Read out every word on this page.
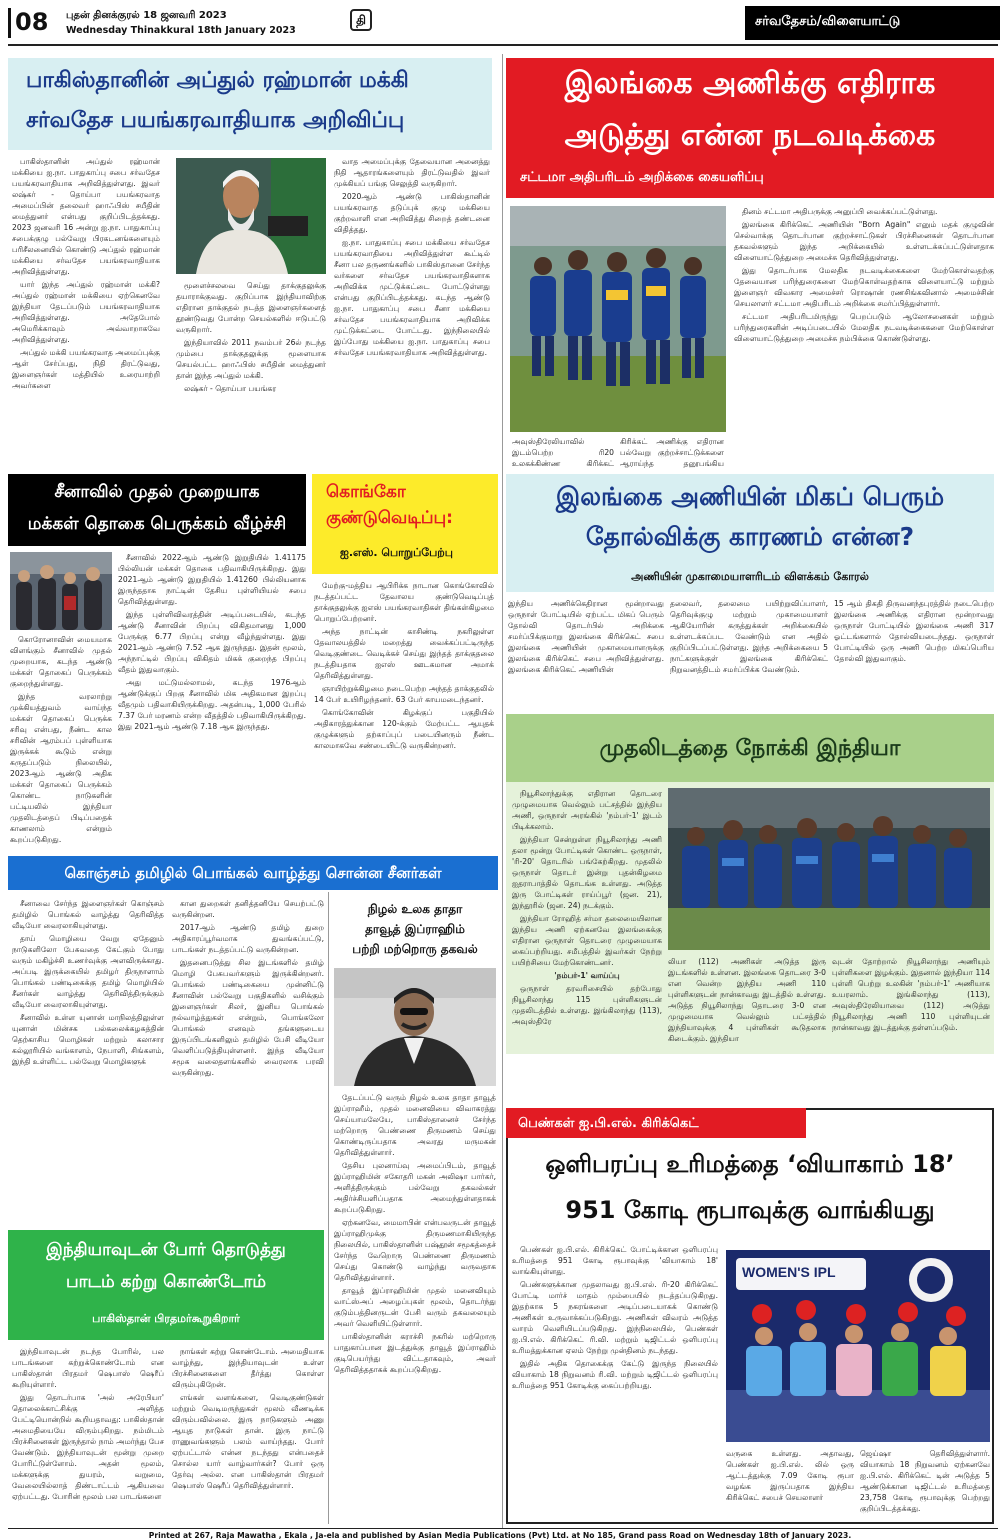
08 புதன் தினக்குரல் 18 ஜனவரி 2023
Wednesday Thinakkural 18th January 2023
தி	சர்வதேசம்/விளையாட்டு
பாகிஸ்தானின் அப்துல் ரஹ்மான் மக்கி
சர்வதேச பயங்கரவாதியாக அறிவிப்பு

பாகிஸ்தானின் அப்துல் ரஹ்மான் மக்கியை ஐ.நா. பாதுகாப்பு சபை சர்வதேச பயங்கரவாதியாக அறிவித்துள்ளது. இவர் லஷ்கர் - தொய்பா பயங்கரவாத அமைப்பின் தலைவர் ஹாஃபிஸ் சயீதின் மைத்துனர் என்பது குறிப்பிடத்தக்கது. 2023 ஜனவரி 16 அன்று ஐ.நா. பாதுகாப்பு சபைக்குழு பல்வேறு பிரகடனங்களையும் பரிசீலனையில் கொண்டு அப்துல் ரஹ்மான் மக்கியை சர்வதேச பயங்கரவாதியாக அறிவித்துள்ளது.

யார் இந்த அப்துல் ரஹ்மான் மக்கி? அப்துல் ரஹ்மான் மக்கியை ஏற்கெனவே இந்தியா தேடப்படும் பயங்கரவாதியாக அறிவித்துள்ளது. அதேபோல் அமெரிக்காவும் அவ்வாறாகவே அறிவித்துள்ளது.

அப்துல் மக்கி பயங்கரவாத அமைப்புக்கு ஆள் சேர்ப்பது, நிதி திரட்டுவது, இளைஞர்கள் மத்தியில் உரையாற்றி அவர்களை

மூளைச்சலவை செய்து தாக்குதலுக்கு தயாராக்குவது. குறிப்பாக இந்தியாவிற்கு எதிரான தாக்குதல் நடத்த இளைஞர்களைத் தூண்டுவது போன்ற செயல்களில் ஈடுபட்டு வருகிறார்.

இந்தியாவில் 2011 நவம்பர் 26ல் நடந்த மும்பை தாக்குதலுக்கு மூளையாக செயல்பட்ட ஹாஃபிஸ் சயீதின் மைத்துனர் தான் இந்த அப்துல் மக்கி.

லஷ்கர் - தொய்பா பயங்கர

வாத அமைப்புக்கு தேவையான அனைத்து நிதி ஆதாரங்களையும் திரட்டுவதில் இவர் முக்கியப் பங்கு செலுத்தி வருகிறார்.

2020ஆம் ஆண்டு பாகிஸ்தானின் பயங்கரவாத தடுப்புக் குழு மக்கியை குற்றவாளி என அறிவித்து சிறைத் தண்டனை விதித்தது.

ஐ.நா. பாதுகாப்பு சபை மக்கியை சர்வதேச பயங்கரவாதியை அறிவித்துள்ள கூட்டில் சீனா பல தருணங்களில் பாகிஸ்தானை சேர்ந்த வர்களை சர்வதேச பயங்கரவாதிகளாக அறிவிக்க முட்டுக்கட்டை போட்டுள்ளது என்பது குறிப்பிடத்தக்கது. கடந்த ஆண்டு ஐ.நா. பாதுகாப்பு சபை சீனா மக்கியை சர்வதேச பயங்கரவாதியாக அறிவிக்க முட்டுக்கட்டை போட்டது. இந்நிலையில் இப்போது மக்கியை ஐ.நா. பாதுகாப்பு சபை சர்வதேச பயங்கரவாதியாக அறிவித்துள்ளது.

இலங்கை அணிக்கு எதிராக
அடுத்து என்ன நடவடிக்கை
சட்டமா அதிபரிடம் அறிக்கை கையளிப்பு
அவுஸ்திரேலியாவில் இடம்பெற்ற ரி20 உலகக்கிண்ண கிரிக்கட்
கிரிக்கட் அணிக்கு எதிரான பல்வேறு குற்றச்சாட்டுக்களை ஆராய்ந்த தனூபங்கிய

தினம் சட்டமா அதிபருக்கு அனுப்பி வைக்கப்பட்டுள்ளது.

இலங்கை கிரிக்கெட் அணியின் "Born Again" எனும் மதக் குழுவின் செல்வாக்கு தொடர்பான குற்றச்சாட்டுகள் பிரச்சினைகள் தொடர்பான தகவல்களும் இந்த அறிக்கையில் உள்ளடக்கப்பட்டுள்ளதாக விளையாட்டுத்துறை அமைச்சு தெரிவித்துள்ளது.

இது தொடர்பாக மேலதிக நடவடிக்கைகளை மேற்கொள்வதற்கு தேவையான பரிந்துரைகளை மேற்கொள்வதற்காக விளையாட்டு மற்றும் இளைஞர் விவகார அமைச்சர் ரொஷான் ரணசிங்கவினால் அமைச்சின் செயலாளர் சட்டமா அதிபரிடம் அறிக்கை சமர்ப்பித்துள்ளார்.

சட்டமா அதிபரிடமிருந்து பெறப்படும் ஆலோசனைகள் மற்றும் பரிந்துரைகளின் அடிப்படையில் மேலதிக நடவடிக்கைகளை மேற்கொள்ள விளையாட்டுத்துறை அமைச்சு நம்பிக்கை கொண்டுள்ளது.

சீனாவில் முதல் முறையாக
மக்கள் தொகை பெருக்கம் வீழ்ச்சி

கொரோனாவின் மையமாக விளங்கும் சீனாவில் முதல் முறையாக, கடந்த ஆண்டு மக்கள் தொகைப் பெருக்கம் குறைந்துள்ளது.

இந்த வரலாற்று முக்கியத்துவம் வாய்ந்த மக்கள் தொகைப் பெருக்க சரிவு என்பது, நீண்ட கால சரிவின் ஆரம்பப் புள்ளியாக இருக்கக் கூடும் என்று கருதப்படும் நிலையில், 2023ஆம் ஆண்டு அதிக மக்கள் தொகைப் பெருக்கம் கொண்ட நாடுகளின் பட்டியலில் இந்தியா முதலிடத்தைப் பிடிப்பதைக் காணலாம் என்றும் கூறப்படுகிறது.

சீனாவில் 2022ஆம் ஆண்டு இறுதியில் 1.41175 பில்லியன் மக்கள் தொகை பதிவாகியிருக்கிறது. இது 2021ஆம் ஆண்டு இறுதியில் 1.41260 பில்லியனாக இருந்ததாக நாட்டின் தேசிய புள்ளியியல் சபை தெரிவித்துள்ளது.

இந்த புள்ளிவிவரத்தின் அடிப்படையில், கடந்த ஆண்டு சீனாவின் பிறப்பு விகிதமானது 1,000 பேருக்கு 6.77 பிறப்பு என்று வீழ்ந்துள்ளது. இது 2021ஆம் ஆண்டு 7.52 ஆக இருந்தது. இதன் மூலம், அந்நாட்டில் பிறப்பு விகிதம் மிகக் குறைந்த பிறப்பு வீதம் இதுவாகும்.

அது மட்டுமல்லாமல், கடந்த 1976ஆம் ஆண்டுக்குப் பிறகு சீனாவில் மிக அதிகமான இறப்பு வீதமும் பதிவாகியிருக்கிறது. அதன்படி, 1,000 பேரில் 7.37 பேர் மரணம் என்ற வீதத்தில் பதிவாகியிருக்கிறது. இது 2021ஆம் ஆண்டு 7.18 ஆக இருந்தது.

கொங்கோ
குண்டுவெடிப்பு:
ஐ.எஸ். பொறுப்பேற்பு

மேற்கு-மத்திய ஆபிரிக்க நாடான கொங்கோவில் நடத்தப்பட்ட தேவாலய குண்டுவெடிப்புத் தாக்குதலுக்கு ஐஎஸ் பயங்கரவாதிகள் திங்கள்கிழமை பொறுப்பேற்றனர்.

அந்த நாட்டின் காசிண்டி நகரிலுள்ள தேவாலயத்தில் மறைத்து வைக்கப்பட்டிருந்த வெடிகுண்டை வெடிக்கச் செய்து இந்தத் தாக்குதலை நடத்தியதாக ஐஎஸ் ஊடகமான அமாக் தெரிவித்துள்ளது.

ஞாயிற்றுக்கிழமை நடைபெற்ற அந்தத் தாக்குதலில் 14 பேர் உயிரிழந்தனர். 63 பேர் காயமடைந்தனர்.

கொங்கோவின் கிழக்குப் பகுதியில் அதிகாரத்துக்கான 120-க்கும் மேற்பட்ட ஆயுதக் குழுக்களும் தற்காப்புப் படையினரும் நீண்ட காலமாகவே சண்டையிட்டு வருகின்றனர்.

இலங்கை அணியின் மிகப் பெரும்
தோல்விக்கு காரணம் என்ன?
அணியின் முகாமையாளரிடம் விளக்கம் கோரல்
இந்திய அணிக்கெதிரான மூன்றாவது ஒருநாள் போட்டியில் ஏற்பட்ட மிகப் பெரும் தோல்வி தொடர்பில் அறிக்கை சமர்ப்பிக்குமாறு இலங்கை கிரிக்கெட் சபை இலங்கை அணியின் முகாமையாளருக்கு இலங்கை கிரிக்கெட் சபை அறிவித்துள்ளது. இலங்கை கிரிக்கெட் அணியின்
தலைவர், தலைமை பயிற்றுவிப்பாளர், தெரிவுக்குழு மற்றும் முகாமையாளர் ஆகியோரின் கருத்துக்கள் அறிக்கையில் உள்ளடக்கப்பட வேண்டும் என அதில் குறிப்பிடப்பட்டுள்ளது. இந்த அறிக்கையை 5 நாட்களுக்குள் இலங்கை கிரிக்கெட் நிறுவனத்திடம் சமர்ப்பிக்க வேண்டும்.
15 ஆம் திகதி திருவனந்தபுரத்தில் நடைபெற்ற இலங்கை அணிக்கு எதிரான மூன்றாவது ஒருநாள் போட்டியில் இலங்கை அணி 317 ஓட்டங்களால் தோல்வியடைந்தது. ஒருநாள் போட்டியில் ஒரு அணி பெற்ற மிகப்பெரிய தோல்வி இதுவாகும்.
முதலிடத்தை நோக்கி இந்தியா

நியூசிலாந்துக்கு எதிரான தொடரை முழுமையாக வெல்லும் பட்சத்தில் இந்திய அணி, ஒருநாள் அரங்கில் 'நம்பர்-1' இடம் பிடிக்கலாம்.

இந்தியா சென்றுள்ள நியூசிலாந்து அணி தலா மூன்று போட்டிகள் கொண்ட ஒருநாள், 'ரி-20' தொடரில் பங்கேற்கிறது. முதலில் ஒருநாள் தொடர் இன்று புதன்கிழமை ஐதராபாத்தில் தொடங்க உள்ளது. அடுத்த இரு போட்டிகள் ராய்ப்பூர் (ஜன. 21), இந்தூரில் (ஜன. 24) நடக்கும்.

இந்தியா ரோஹித் சர்மா தலைமையிலான இந்திய அணி ஏற்கனவே இலங்கைக்கு எதிரான ஒருநாள் தொடரை முழுமையாக கைப்பற்றியது. சமீபத்தில் இவர்கள் நேற்று பயிற்சியை மேற்கொண்டனர்.

'நம்பர்-1' வாய்ப்பு

ஒருநாள் தரவரிசையில் தற்போது நியூசிலாந்து 115 புள்ளிகளுடன் முதலிடத்தில் உள்ளது. இங்கிலாந்து (113), அவுஸ்திரே

லியா (112) அணிகள் அடுத்த இரு இடங்களில் உள்ளன. இலங்கை தொடரை 3-0 என வென்ற இந்திய அணி 110 புள்ளிகளுடன் நான்காவது இடத்தில் உள்ளது. அடுத்த நியூசிலாந்து தொடரை 3-0 என முழுமையாக வெல்லும் பட்சத்தில் இந்தியாவுக்கு 4 புள்ளிகள் கூடுதலாக கிடைக்கும். இந்தியா
வுடன் தோற்றால் நியூசிலாந்து அணியும் புள்ளிகளை இழக்கும். இதனால் இந்தியா 114 புள்ளி பெற்று உலகின் 'நம்பர்-1' அணியாக உயரலாம். இங்கிலாந்து (113), அவுஸ்திரேலியாவை (112) அடுத்து நியூசிலாந்து அணி 110 புள்ளியுடன் நான்காவது இடத்துக்கு தள்ளப்படும்.
கொஞ்சம் தமிழில் பொங்கல் வாழ்த்து சொன்ன சீனர்கள்

சீனாவை சேர்ந்த இளைஞர்கள் கொஞ்சம் தமிழில் பொங்கல் வாழ்த்து தெரிவித்த வீடியோ வைரலாகியுள்ளது.

தாய் மொழியை வேறு ஏதேனும் நாடுகளிலோ பேசுவதை கேட்கும் போது வரும் மகிழ்ச்சி உணர்வுக்கு அளவிருக்காது. அப்படி இருக்கையில் தமிழர் திருநாளாம் பொங்கல் பண்டிகைக்கு தமிழ் மொழியில் சீனர்கள் வாழ்த்து தெரிவித்திருக்கும் வீடியோ வைரலாகியுள்ளது.

சீனாவில் உள்ள யுனான் மாநிலத்திலுள்ள யுனான் மின்சக பல்கலைக்கழகத்தின் தெற்காசிய மொழிகள் மற்றும் கலாசார கல்லூரியில் வங்காளம், நேபாளி, சிங்களம், இந்தி உள்ளிட்ட பல்வேறு மொழிகளுக்

கான துறைகள் தனித்தனியே செயற்பட்டு வருகின்றன.

2017ஆம் ஆண்டு தமிழ் துறை அதிகாரப்பூர்வமாக துவங்கப்பட்டு, பாடங்கள் நடத்தப்பட்டு வருகின்றன.

இதனைபடுத்து சில இடங்களில் தமிழ் மொழி பேசுபவர்களும் இருக்கின்றனர். பொங்கல் பண்டிகையை முன்னிட்டு சீனாவின் பல்வேறு பகுதிகளில் வசிக்கும் இளைஞர்கள் சிலர், இனிய பொங்கல் நல்வாழ்த்துகள் என்றும், பொங்கலோ பொங்கல் எனவும் தங்களுடைய இருப்பிடங்களிலும் தமிழில் பேசி வீடியோ வெளிப்படுத்தியுள்ளனர். இந்த வீடியோ சமூக வலைதளங்களில் வைரலாக பரவி வருகின்றது.

நிழல் உலக தாதா
தாவூத் இப்ராஹிம்
பற்றி மற்றொரு தகவல்

தேடப்பட்டு வரும் நிழல் உலக தாதா தாவூத் இப்ராஹீம், முதல் மனைவியை விவாகரத்து செய்யாமலேயே, பாகிஸ்தானைச் சேர்ந்த மற்றொரு பெண்ணை திருமணம் செய்து கொண்டிருப்பதாக அவரது மருமகன் தெரிவித்துள்ளார்.

தேசிய புலனாய்வு அமைப்பிடம், தாவூத் இப்ராஹிமின் சகோதரி மகன் அலிஷா பார்கர், அளித்திருக்கும் பல்வேறு தகவல்கள் அதிர்ச்சியளிப்பதாக அமைந்துள்ளதாகக் கூறப்படுகிறது.

ஏற்கனவே, மைமாபின் என்பவருடன் தாவூத் இப்ராஹிமுக்கு திருமணமாகியிருந்த நிலையில், பாகிஸ்தானின் பஷ்தூன் சமூகத்தைச் சேர்ந்த வேறொரு பெண்ணை திருமணம் செய்து கொண்டு வாழ்ந்து வருவதாக தெரிவித்துள்ளார்.

தாவூத் இப்ராஹிமின் முதல் மனைவியும் வாட்ஸ்அப் அழைப்புகள் மூலம், தொடர்ந்து குடும்பத்தினருடன் பேசி வரும் தகவலையும் அவர் வெளியிட்டுள்ளார்.

பாகிஸ்தானின் கராச்சி நகரில் மற்றொரு பாதுகாப்பான இடத்துக்கு தாவூத் இப்ராஹிம் குடிபெயர்ந்து விட்டதாகவும், அவர் தெரிவித்ததாகக் கூறப்படுகிறது.

இந்தியாவுடன் போர் தொடுத்து
பாடம் கற்று கொண்டோம்
பாகிஸ்தான் பிரதமர்கூறுகிறார்

இந்தியாவுடன் நடந்த போரில், பல பாடங்களை கற்றுக்கொண்டோம் என பாகிஸ்தான் பிரதமர் ஷெபாஸ் ஷெரீப் கூறியுள்ளார்.

இது தொடர்பாக 'அல் அரேபியா' தொலைக்காட்சிக்கு அளித்த பேட்டியொன்றில் கூறியதாவது: பாகிஸ்தான் அமைதியையே விரும்புகிறது. நம்மிடம் பிரச்சினைகள் இருந்தால் நாம் அமர்ந்து பேச வேண்டும். இந்தியாவுடன் மூன்று முறை போரிட்டுள்ளோம். அதன் மூலம், மக்களுக்கு துயரம், வறுமை, வேலையில்லாத் திண்டாட்டம் ஆகியவை ஏற்பட்டது. போரின் மூலம் பல பாடங்களை

நாங்கள் கற்று கொண்டோம். அமைதியாக வாழ்ந்து, இந்தியாவுடன் உள்ள பிரச்சினைகளை தீர்த்து கொள்ள விரும்புகிறேன்.

எங்கள் வளங்களை, வெடிகுண்டுகள் மற்றும் வெடிமருந்துகள் மூலம் வீணடிக்க விரும்பவில்லை. இரு நாடுகளும் அணு ஆயுத நாடுகள் தான். இரு நாட்டு ராணுவங்களும் பலம் வாய்ந்தது. போர் ஏற்பட்டால் என்ன நடந்தது என்பதைச் சொல்ல யார் வாழ்வார்கள்? போர் ஒரு தேர்வு அல்ல. என பாகிஸ்தான் பிரதமர் ஷெபாஸ் ஷெரீப் தெரிவித்துள்ளார்.

பெண்கள் ஐ.பி.எல். கிரிக்கெட்
ஒளிபரப்பு உரிமத்தை ‘வியாகாம் 18’
951 கோடி ரூபாவுக்கு வாங்கியது

பெண்கள் ஐ.பி.எல். கிரிக்கெட் போட்டிக்கான ஒளிபரப்பு உரிமத்தை 951 கோடி ரூபாவுக்கு 'வியாகாம் 18' வாங்கியுள்ளது.

பெண்களுக்கான முதலாவது ஐ.பி.எல். ரி-20 கிரிக்கெட் போட்டி மார்ச் மாதம் மும்பையில் நடத்தப்படுகிறது. இதற்காக 5 நகரங்களை அடிப்படையாகக் கொண்டு அணிகள் உருவாக்கப்படுகிறது. அணிகள் விவரம் அடுத்த வாரம் வெளியிடப்படுகிறது. இந்நிலையில், பெண்கள் ஐ.பி.எல். கிரிக்கெட் ரி.வி. மற்றும் டிஜிட்டல் ஒளிபரப்பு உரிமத்துக்கான ஏலம் நேற்று முன்தினம் நடந்தது.

இதில் அதிக தொகைக்கு கேட்டு இருந்த நிலையில் வியாகாம் 18 நிறுவனம் ரி.வி. மற்றும் டிஜிட்டல் ஒளிபரப்பு உரிமத்தை 951 கோடிக்கு கைப்பற்றியது.

WOMEN'S IPL
வருகை உள்ளது. அதாவது, பெண்கள் ஐ.பி.எல். லில் ஒரு ஆட்டத்துக்கு 7.09 கோடி ரூபா வழங்க இருப்பதாக இந்திய கிரிக்கெட் சபைச் செயலாளர்
ஜெய்ஷா தெரிவித்துள்ளார். வியாகாம் 18 நிறுவனம் ஏற்கனவே ஐ.பி.எல். கிரிக்கெட் டின் அடுத்த 5 ஆண்டுக்கான டிஜிட்டல் உரிமத்தை 23,758 கோடி ரூபாவுக்கு பெற்றது குறிப்பிடத்தக்கது.
Printed at 267, Raja Mawatha , Ekala , Ja-ela and published by Asian Media Publications (Pvt) Ltd. at No 185, Grand pass Road on Wednesday 18th of January 2023.
